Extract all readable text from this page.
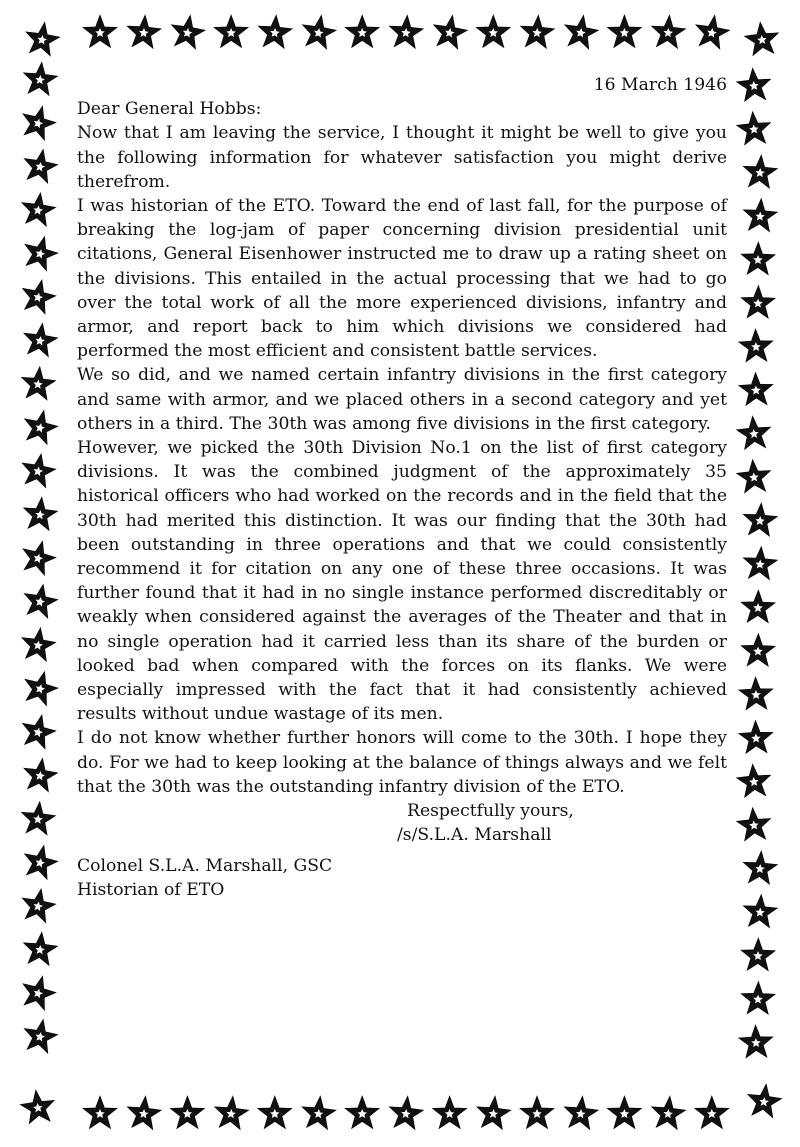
16 March 1946
Dear General Hobbs:

Now that I am leaving the service, I thought it might be well to give you the following information for whatever satisfaction you might derive therefrom.

I was historian of the ETO. Toward the end of last fall, for the purpose of breaking the log-jam of paper concerning division presidential unit citations, General Eisenhower instructed me to draw up a rating sheet on the divisions. This entailed in the actual processing that we had to go over the total work of all the more experienced divisions, infantry and armor, and report back to him which divisions we considered had performed the most efficient and consistent battle services.

We so did, and we named certain infantry divisions in the first category and same with armor, and we placed others in a second category and yet others in a third. The 30th was among five divisions in the first category.

However, we picked the 30th Division No.1 on the list of first category divisions. It was the combined judgment of the approximately 35 historical officers who had worked on the records and in the field that the 30th had merited this distinction. It was our finding that the 30th had been outstanding in three operations and that we could consistently recommend it for citation on any one of these three occasions. It was further found that it had in no single instance performed discreditably or weakly when considered against the averages of the Theater and that in no single operation had it carried less than its share of the burden or looked bad when compared with the forces on its flanks. We were especially impressed with the fact that it had consistently achieved results without undue wastage of its men.

I do not know whether further honors will come to the 30th. I hope they do. For we had to keep looking at the balance of things always and we felt that the 30th was the outstanding infantry division of the ETO.

Respectfully yours,
/s/S.L.A. Marshall
Colonel S.L.A. Marshall, GSC
Historian of ETO
